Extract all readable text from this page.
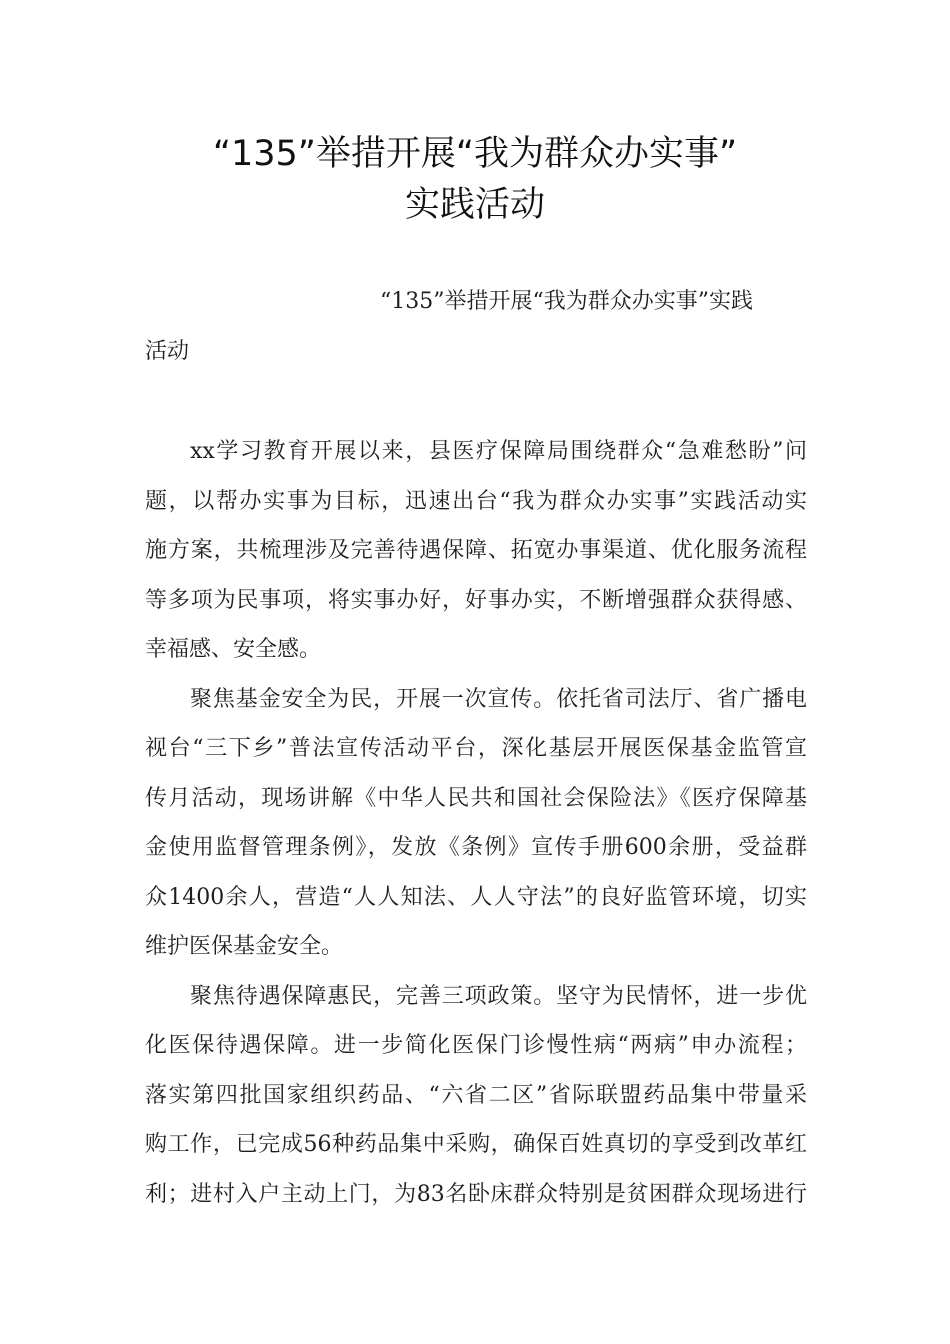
“135”举措开展“我为群众办实事”
实践活动
“135”举措开展“我为群众办实事”实践
活动
xx学习教育开展以来，县医疗保障局围绕群众“急难愁盼”问
题，以帮办实事为目标，迅速出台“我为群众办实事”实践活动实
施方案，共梳理涉及完善待遇保障、拓宽办事渠道、优化服务流程
等多项为民事项，将实事办好，好事办实，不断增强群众获得感、
幸福感、安全感。
聚焦基金安全为民，开展一次宣传。依托省司法厅、省广播电
视台“三下乡”普法宣传活动平台，深化基层开展医保基金监管宣
传月活动，现场讲解《中华人民共和国社会保险法》《医疗保障基
金使用监督管理条例》，发放《条例》宣传手册600余册，受益群
众1400余人，营造“人人知法、人人守法”的良好监管环境，切实
维护医保基金安全。
聚焦待遇保障惠民，完善三项政策。坚守为民情怀，进一步优
化医保待遇保障。进一步简化医保门诊慢性病“两病”申办流程；
落实第四批国家组织药品、“六省二区”省际联盟药品集中带量采
购工作，已完成56种药品集中采购，确保百姓真切的享受到改革红
利；进村入户主动上门，为83名卧床群众特别是贫困群众现场进行
